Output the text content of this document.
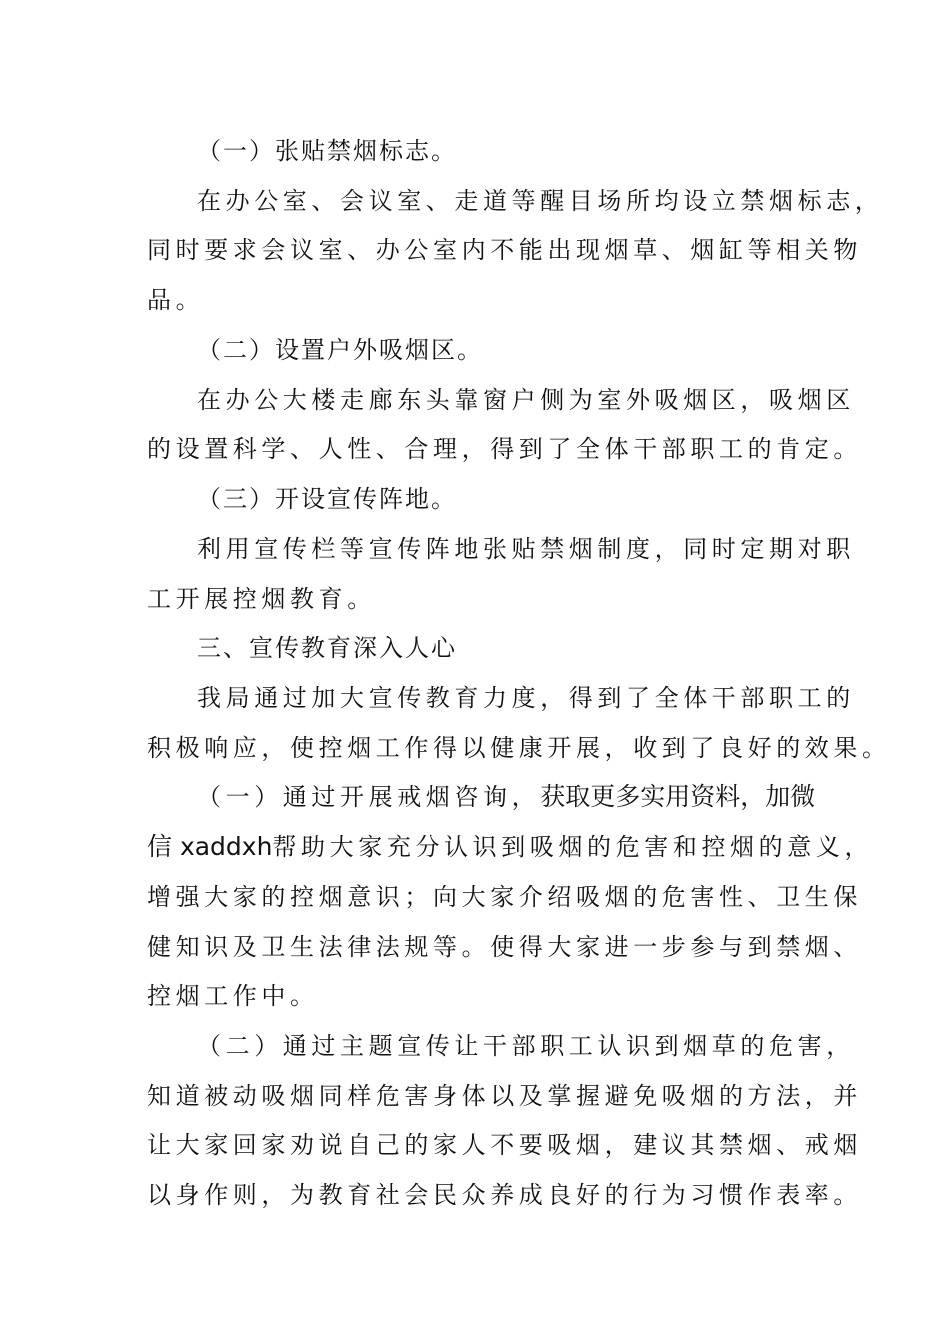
（一）张贴禁烟标志。
在办公室、会议室、走道等醒目场所均设立禁烟标志，
同时要求会议室、办公室内不能出现烟草、烟缸等相关物
品。
（二）设置户外吸烟区。
在办公大楼走廊东头靠窗户侧为室外吸烟区，吸烟区
的设置科学、人性、合理，得到了全体干部职工的肯定。
（三）开设宣传阵地。
利用宣传栏等宣传阵地张贴禁烟制度，同时定期对职
工开展控烟教育。
三、宣传教育深入人心
我局通过加大宣传教育力度，得到了全体干部职工的
积极响应，使控烟工作得以健康开展，收到了良好的效果。
（一）通过开展戒烟咨询，获取更多实用资料，加微
信 xaddxh帮助大家充分认识到吸烟的危害和控烟的意义，
增强大家的控烟意识；向大家介绍吸烟的危害性、卫生保
健知识及卫生法律法规等。使得大家进一步参与到禁烟、
控烟工作中。
（二）通过主题宣传让干部职工认识到烟草的危害，
知道被动吸烟同样危害身体以及掌握避免吸烟的方法，并
让大家回家劝说自己的家人不要吸烟，建议其禁烟、戒烟
以身作则，为教育社会民众养成良好的行为习惯作表率。
